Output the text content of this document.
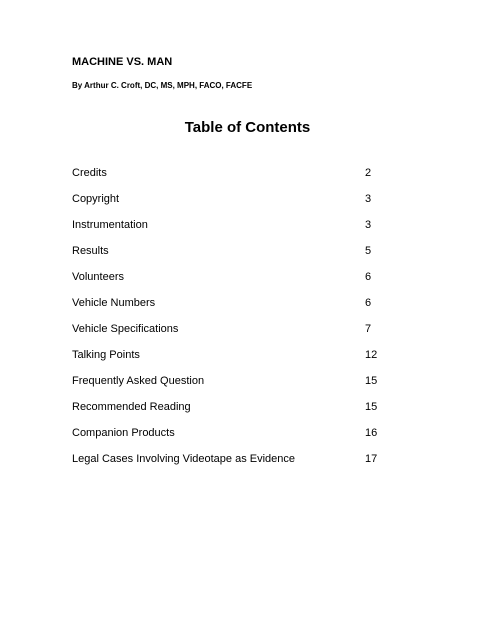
MACHINE VS. MAN
By Arthur C. Croft, DC, MS, MPH, FACO, FACFE
Table of Contents
Credits	2
Copyright	3
Instrumentation	3
Results	5
Volunteers	6
Vehicle Numbers	6
Vehicle Specifications	7
Talking Points	12
Frequently Asked Question	15
Recommended Reading	15
Companion Products	16
Legal Cases Involving Videotape as Evidence	17
